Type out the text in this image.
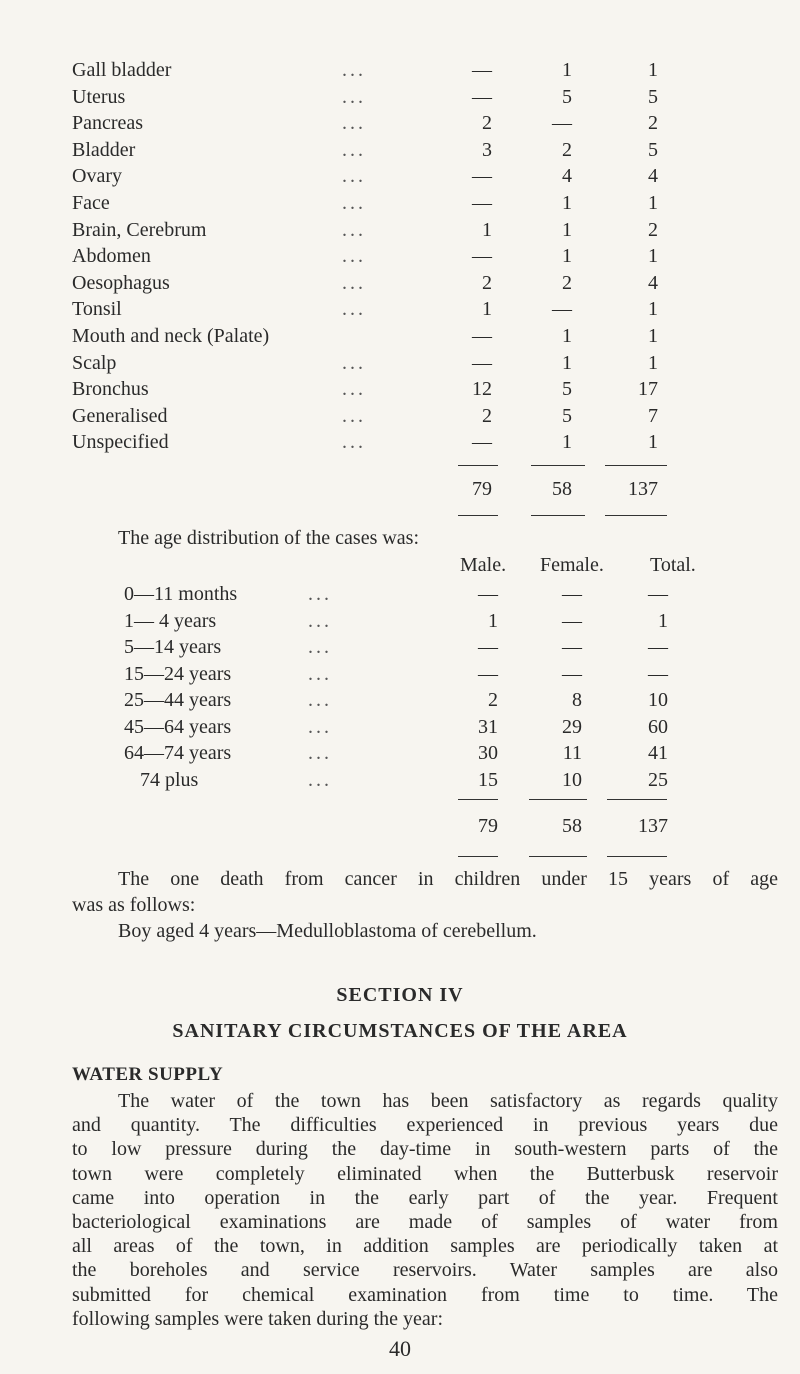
Gall bladder	...	—	1	1
Uterus	...	—	5	5
Pancreas	...	2	—	2
Bladder	...	3	2	5
Ovary	...	—	4	4
Face	...	—	1	1
Brain, Cerebrum	...	1	1	2
Abdomen	...	—	1	1
Oesophagus	...	2	2	4
Tonsil	...	1	—	1
Mouth and neck (Palate)	—	1	1
Scalp	...	—	1	1
Bronchus	...	12	5	17
Generalised	...	2	5	7
Unspecified	...	—	1	1
79	58	137
The age distribution of the cases was:
Male. Female. Total.
0—11 months	...	—	—	—
1— 4 years	...	1	—	1
5—14 years	...	—	—	—
15—24 years	...	—	—	—
25—44 years	...	2	8	10
45—64 years	...	31	29	60
64—74 years	...	30	11	41
74 plus	...	15	10	25
79	58	137
The one death from cancer in children under 15 years of age
was as follows:
Boy aged 4 years—Medulloblastoma of cerebellum.
SECTION IV
SANITARY CIRCUMSTANCES OF THE AREA
WATER SUPPLY
The water of the town has been satisfactory as regards quality
and quantity. The difficulties experienced in previous years due
to low pressure during the day-time in south-western parts of the
town were completely eliminated when the Butterbusk reservoir
came into operation in the early part of the year. Frequent
bacteriological examinations are made of samples of water from
all areas of the town, in addition samples are periodically taken at
the boreholes and service reservoirs. Water samples are also
submitted for chemical examination from time to time. The
following samples were taken during the year:
40
